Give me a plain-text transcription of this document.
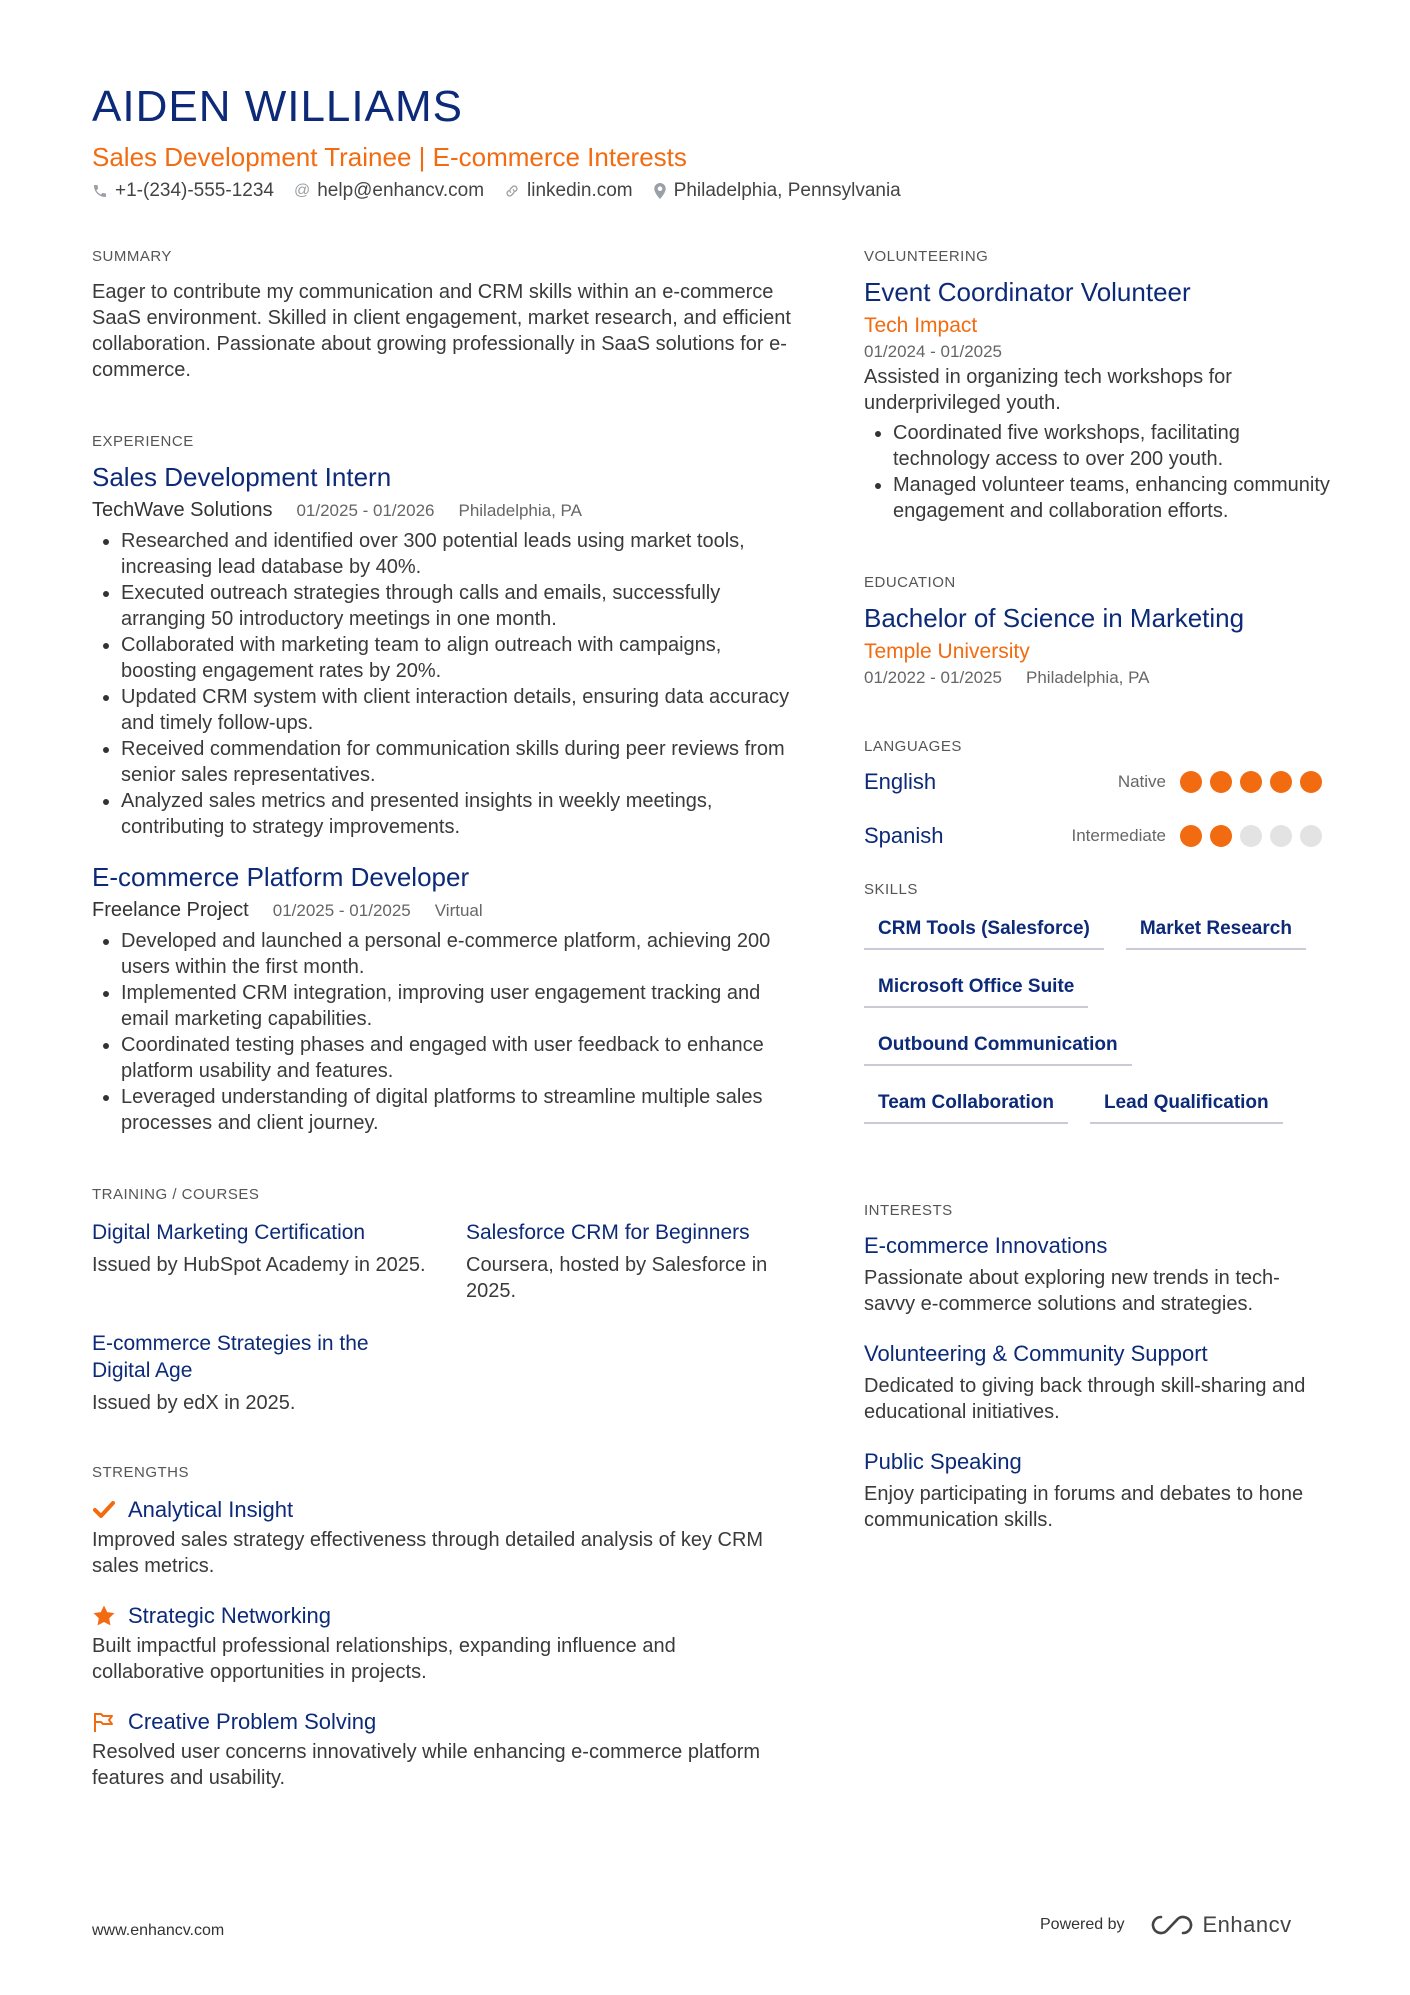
AIDEN WILLIAMS
Sales Development Trainee | E-commerce Interests
+1-(234)-555-1234 @ help@enhancv.com linkedin.com Philadelphia, Pennsylvania
SUMMARY

Eager to contribute my communication and CRM skills within an e-commerce SaaS environment. Skilled in client engagement, market research, and efficient collaboration. Passionate about growing professionally in SaaS solutions for e-commerce.

EXPERIENCE
Sales Development Intern
TechWave Solutions 01/2025 - 01/2026 Philadelphia, PA
• Researched and identified over 300 potential leads using market tools, increasing lead database by 40%.
• Executed outreach strategies through calls and emails, successfully arranging 50 introductory meetings in one month.
• Collaborated with marketing team to align outreach with campaigns, boosting engagement rates by 20%.
• Updated CRM system with client interaction details, ensuring data accuracy and timely follow-ups.
• Received commendation for communication skills during peer reviews from senior sales representatives.
• Analyzed sales metrics and presented insights in weekly meetings, contributing to strategy improvements.
E-commerce Platform Developer
Freelance Project 01/2025 - 01/2025 Virtual
• Developed and launched a personal e-commerce platform, achieving 200 users within the first month.
• Implemented CRM integration, improving user engagement tracking and email marketing capabilities.
• Coordinated testing phases and engaged with user feedback to enhance platform usability and features.
• Leveraged understanding of digital platforms to streamline multiple sales processes and client journey.
TRAINING / COURSES
Digital Marketing Certification

Issued by HubSpot Academy in 2025.

Salesforce CRM for Beginners

Coursera, hosted by Salesforce in 2025.

E-commerce Strategies in the Digital Age

Issued by edX in 2025.

STRENGTHS
Analytical Insight

Improved sales strategy effectiveness through detailed analysis of key CRM sales metrics.

Strategic Networking

Built impactful professional relationships, expanding influence and collaborative opportunities in projects.

Creative Problem Solving

Resolved user concerns innovatively while enhancing e-commerce platform features and usability.

VOLUNTEERING
Event Coordinator Volunteer
Tech Impact
01/2024 - 01/2025

Assisted in organizing tech workshops for underprivileged youth.

• Coordinated five workshops, facilitating technology access to over 200 youth.
• Managed volunteer teams, enhancing community engagement and collaboration efforts.
EDUCATION
Bachelor of Science in Marketing
Temple University
01/2022 - 01/2025 Philadelphia, PA
LANGUAGES
English	Native
Spanish	Intermediate
SKILLS
CRM Tools (Salesforce)	Market Research
Microsoft Office Suite
Outbound Communication
Team Collaboration	Lead Qualification
INTERESTS
E-commerce Innovations

Passionate about exploring new trends in tech-savvy e-commerce solutions and strategies.

Volunteering & Community Support

Dedicated to giving back through skill-sharing and educational initiatives.

Public Speaking

Enjoy participating in forums and debates to hone communication skills.

www.enhancv.com	Powered by	Enhancv
